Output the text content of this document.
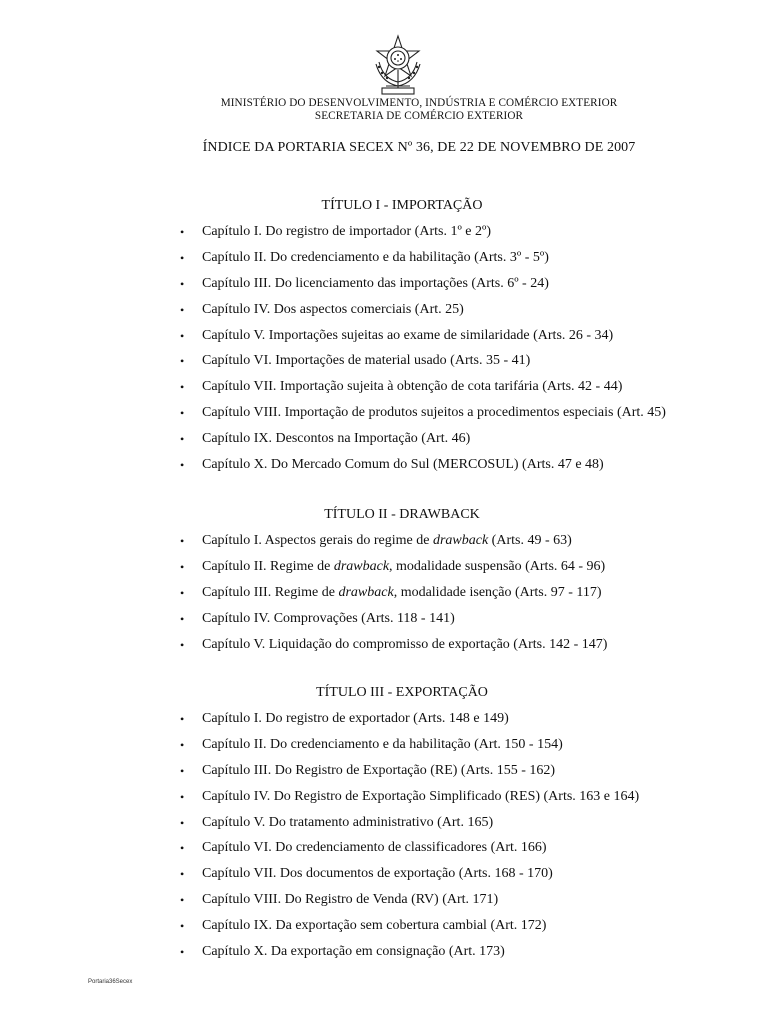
MINISTÉRIO DO DESENVOLVIMENTO, INDÚSTRIA E COMÉRCIO EXTERIOR
SECRETARIA DE COMÉRCIO EXTERIOR
ÍNDICE DA PORTARIA SECEX Nº 36, DE 22 DE NOVEMBRO DE 2007
TÍTULO I - IMPORTAÇÃO
• Capítulo I. Do registro de importador (Arts. 1º e 2º)
• Capítulo II. Do credenciamento e da habilitação (Arts. 3º - 5º)
• Capítulo III. Do licenciamento das importações (Arts. 6º - 24)
• Capítulo IV. Dos aspectos comerciais (Art. 25)
• Capítulo V. Importações sujeitas ao exame de similaridade (Arts. 26 - 34)
• Capítulo VI. Importações de material usado (Arts. 35 - 41)
• Capítulo VII. Importação sujeita à obtenção de cota tarifária (Arts. 42 - 44)
• Capítulo VIII. Importação de produtos sujeitos a procedimentos especiais (Art. 45)
• Capítulo IX. Descontos na Importação (Art. 46)
• Capítulo X. Do Mercado Comum do Sul (MERCOSUL) (Arts. 47 e 48)
TÍTULO II - DRAWBACK
• Capítulo I. Aspectos gerais do regime de drawback (Arts. 49 - 63)
• Capítulo II. Regime de drawback, modalidade suspensão (Arts. 64 - 96)
• Capítulo III. Regime de drawback, modalidade isenção (Arts. 97 - 117)
• Capítulo IV. Comprovações (Arts. 118 - 141)
• Capítulo V. Liquidação do compromisso de exportação (Arts. 142 - 147)
TÍTULO III - EXPORTAÇÃO
• Capítulo I. Do registro de exportador (Arts. 148 e 149)
• Capítulo II. Do credenciamento e da habilitação (Art. 150 - 154)
• Capítulo III. Do Registro de Exportação (RE) (Arts. 155 - 162)
• Capítulo IV. Do Registro de Exportação Simplificado (RES) (Arts. 163 e 164)
• Capítulo V. Do tratamento administrativo (Art. 165)
• Capítulo VI. Do credenciamento de classificadores (Art. 166)
• Capítulo VII. Dos documentos de exportação (Arts. 168 - 170)
• Capítulo VIII. Do Registro de Venda (RV) (Art. 171)
• Capítulo IX. Da exportação sem cobertura cambial (Art. 172)
• Capítulo X. Da exportação em consignação (Art. 173)
Portaria36Secex
